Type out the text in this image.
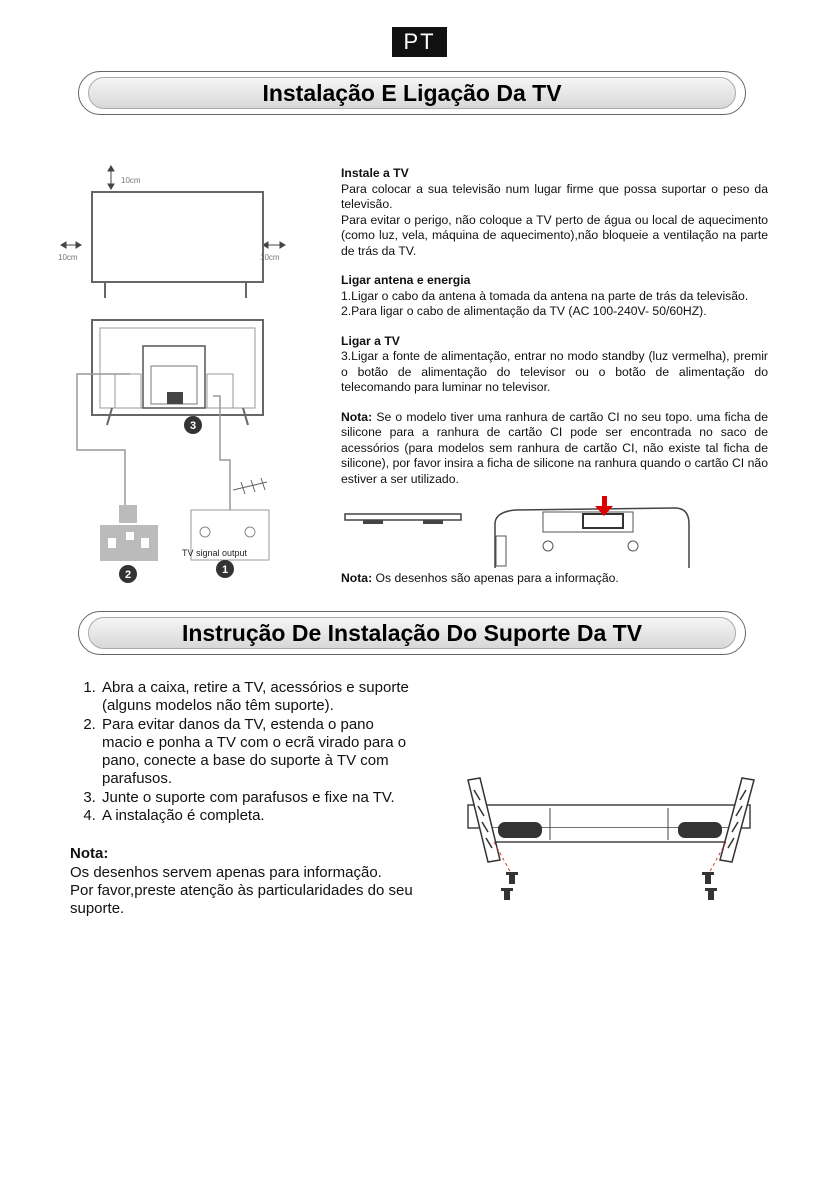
PT
Instalação E Ligação Da TV
10cm
10cm	10cm
3
2
TV signal output
1
Instale a TV
Para colocar a sua televisão num lugar firme que possa suportar o peso da televisão.
Para evitar o perigo, não coloque a TV perto de água ou local de aquecimento (como luz, vela, máquina de aquecimento),não bloqueie a ventilação na parte de trás da TV.
Ligar antena e energia
1.Ligar o cabo da antena à tomada da antena na parte de trás da televisão.
2.Para ligar o cabo de alimentação da TV (AC 100-240V- 50/60HZ).
Ligar a TV
3.Ligar a fonte de alimentação, entrar no modo standby (luz vermelha), premir o botão de alimentação do televisor ou o botão de alimentação do telecomando para luminar no televisor.
Nota: Se o modelo tiver uma ranhura de cartão CI no seu topo. uma ficha de silicone para a ranhura de cartão CI pode ser encontrada no saco de acessórios (para modelos sem ranhura de cartão CI, não existe tal ficha de silicone), por favor insira a ficha de silicone na ranhura quando o cartão CI não estiver a ser utilizado.
Nota: Os desenhos são apenas para a informação.
Instrução De Instalação Do Suporte Da TV
1. Abra a caixa, retire a TV, acessórios e suporte (alguns modelos não têm suporte).
2. Para evitar danos da TV, estenda o pano macio e ponha a TV com o ecrã virado para o pano, conecte a base do suporte à TV com parafusos.
3. Junte o suporte com parafusos e fixe na TV.
4. A instalação é completa.
Nota:
Os desenhos servem apenas para informação.
Por favor,preste atenção às particularidades do seu suporte.
